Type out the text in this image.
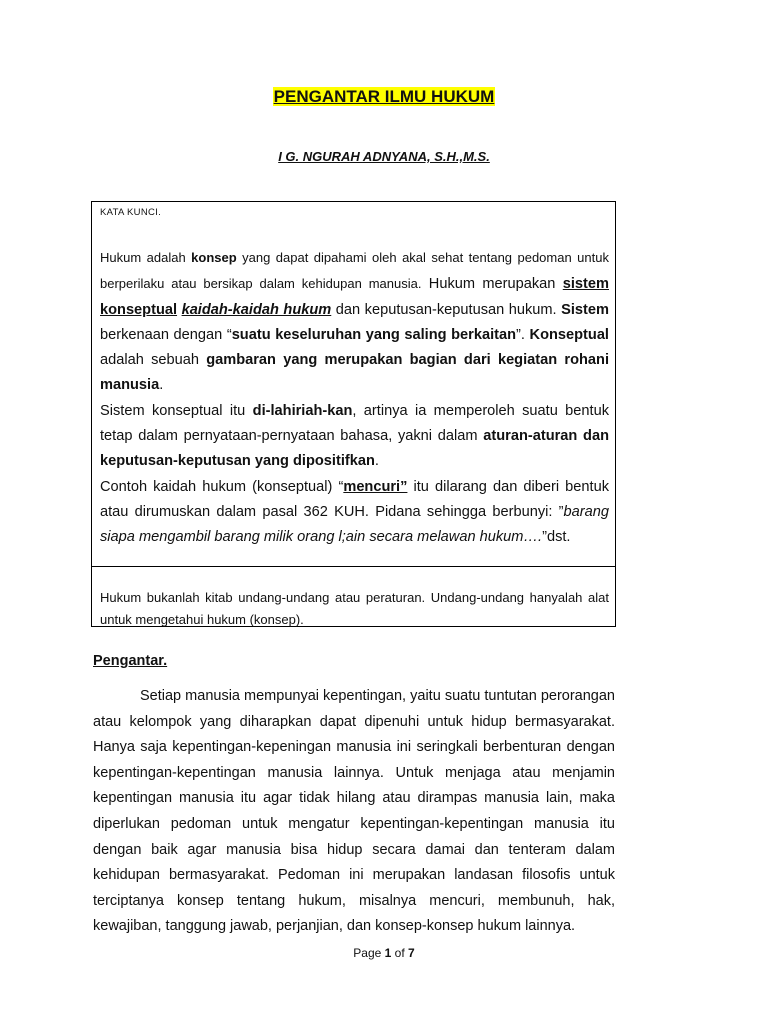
PENGANTAR ILMU HUKUM
I G. NGURAH ADNYANA, S.H.,M.S.
KATA KUNCI.

Hukum adalah konsep yang dapat dipahami oleh akal sehat tentang pedoman untuk berperilaku atau bersikap dalam kehidupan manusia. Hukum merupakan sistem konseptual kaidah-kaidah hukum dan keputusan-keputusan hukum. Sistem berkenaan dengan “suatu keseluruhan yang saling berkaitan”. Konseptual adalah sebuah gambaran yang merupakan bagian dari kegiatan rohani manusia.

Sistem konseptual itu di-lahiriah-kan, artinya ia memperoleh suatu bentuk tetap dalam pernyataan-pernyataan bahasa, yakni dalam aturan-aturan dan keputusan-keputusan yang dipositifkan.

Contoh kaidah hukum (konseptual) “mencuri” itu dilarang dan diberi bentuk atau dirumuskan dalam pasal 362 KUH. Pidana sehingga berbunyi: ”barang siapa mengambil barang milik orang l;ain secara melawan hukum….”dst.

Hukum bukanlah kitab undang-undang atau peraturan. Undang-undang hanyalah alat untuk mengetahui hukum (konsep).
Pengantar.

Setiap manusia mempunyai kepentingan, yaitu suatu tuntutan perorangan atau kelompok yang diharapkan dapat dipenuhi untuk hidup bermasyarakat. Hanya saja kepentingan-kepeningan manusia ini seringkali berbenturan dengan kepentingan-kepentingan manusia lainnya. Untuk menjaga atau menjamin kepentingan manusia itu agar tidak hilang atau dirampas manusia lain, maka diperlukan pedoman untuk mengatur kepentingan-kepentingan manusia itu dengan baik agar manusia bisa hidup secara damai dan tenteram dalam kehidupan bermasyarakat. Pedoman ini merupakan landasan filosofis untuk terciptanya konsep tentang hukum, misalnya mencuri, membunuh, hak, kewajiban, tanggung jawab, perjanjian, dan konsep-konsep hukum lainnya.

Page 1 of 7
